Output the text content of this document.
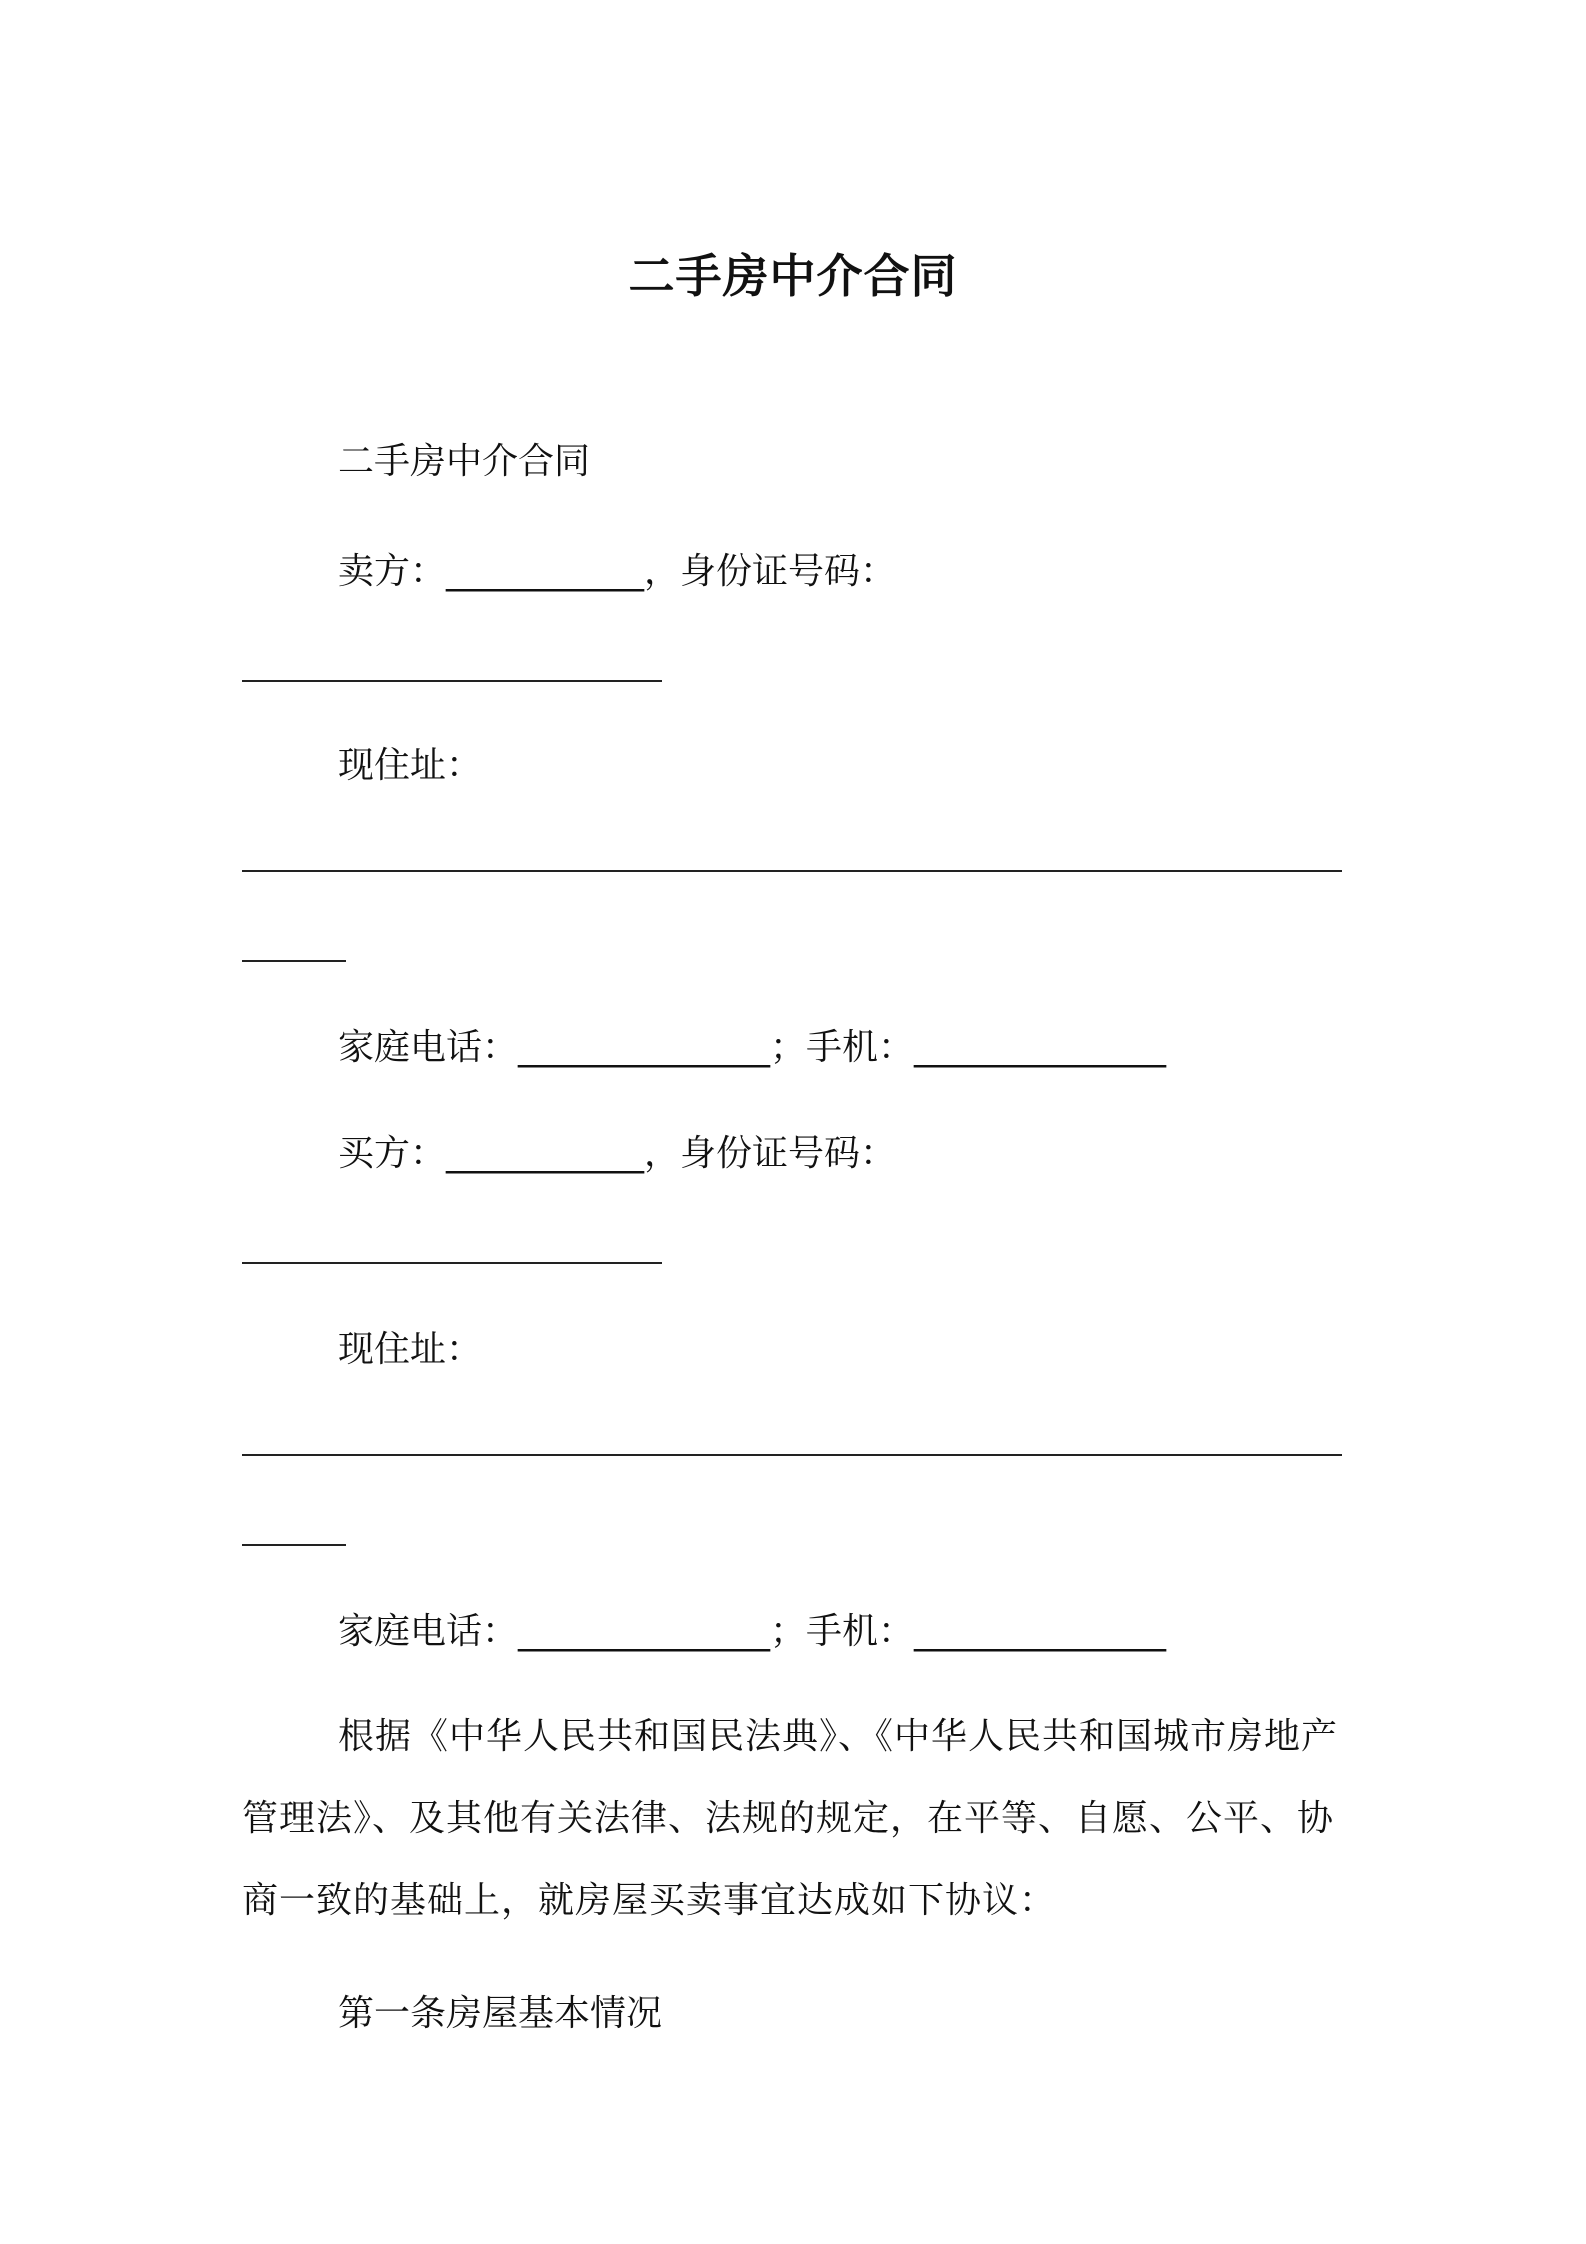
二手房中介合同
二手房中介合同
卖方：___________，身份证号码：
现住址：
家庭电话：______________；手机：______________
买方：___________，身份证号码：
现住址：
家庭电话：______________；手机：______________
根据《中华人民共和国民法典》、《中华人民共和国城市房地产管理法》、及其他有关法律、法规的规定，在平等、自愿、公平、协商一致的基础上，就房屋买卖事宜达成如下协议：
第一条房屋基本情况
